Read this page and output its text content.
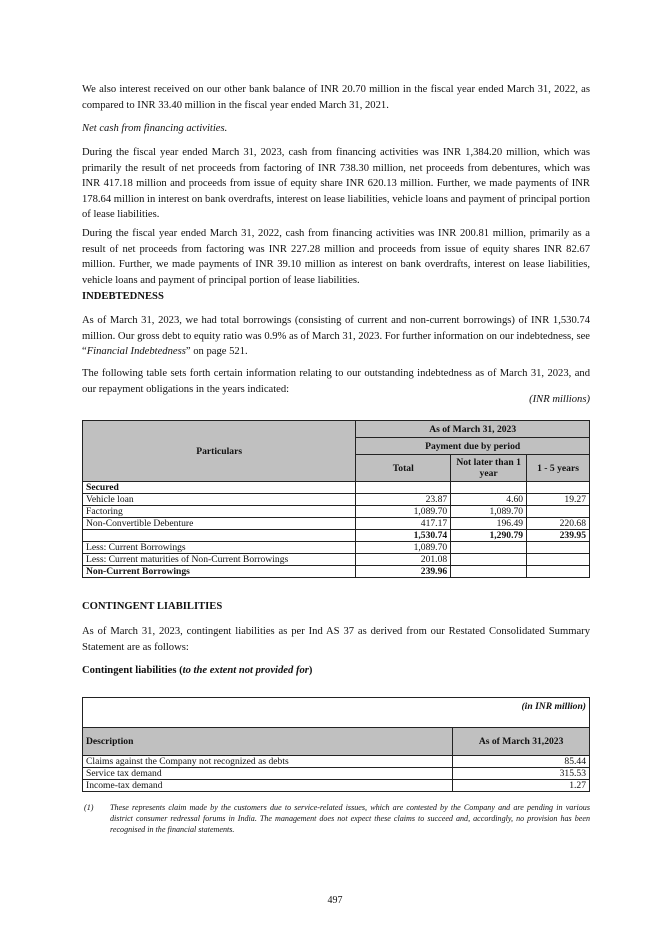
We also interest received on our other bank balance of INR 20.70 million in the fiscal year ended March 31, 2022, as compared to INR 33.40 million in the fiscal year ended March 31, 2021.

Net cash from financing activities.

During the fiscal year ended March 31, 2023, cash from financing activities was INR 1,384.20 million, which was primarily the result of net proceeds from factoring of INR 738.30 million, net proceeds from debentures, which was INR 417.18 million and proceeds from issue of equity share INR 620.13 million. Further, we made payments of INR 178.64 million in interest on bank overdrafts, interest on lease liabilities, vehicle loans and payment of principal portion of lease liabilities.

During the fiscal year ended March 31, 2022, cash from financing activities was INR 200.81 million, primarily as a result of net proceeds from factoring was INR 227.28 million and proceeds from issue of equity shares INR 82.67 million. Further, we made payments of INR 39.10 million as interest on bank overdrafts, interest on lease liabilities, vehicle loans and payment of principal portion of lease liabilities.

INDEBTEDNESS

As of March 31, 2023, we had total borrowings (consisting of current and non-current borrowings) of INR 1,530.74 million. Our gross debt to equity ratio was 0.9% as of March 31, 2023. For further information on our indebtedness, see “Financial Indebtedness” on page 521.

The following table sets forth certain information relating to our outstanding indebtedness as of March 31, 2023, and our repayment obligations in the years indicated:

(INR millions)
Particulars	As of March 31, 2023		
	Payment due by period		
	Total	Not later than 1 year	1 - 5 years
Secured			
Vehicle loan	23.87	4.60	19.27
Factoring	1,089.70	1,089.70	
Non-Convertible Debenture	417.17	196.49	220.68
	1,530.74	1,290.79	239.95
Less: Current Borrowings	1,089.70		
Less: Current maturities of Non-Current Borrowings	201.08		
Non-Current Borrowings	239.96		

CONTINGENT LIABILITIES

As of March 31, 2023, contingent liabilities as per Ind AS 37 as derived from our Restated Consolidated Summary Statement are as follows:

Contingent liabilities (to the extent not provided for)

(in INR million)	
Description	As of March 31,2023
Claims against the Company not recognized as debts	85.44
Service tax demand	315.53
Income-tax demand	1.27
(1)	These represents claim made by the customers due to service-related issues, which are contested by the Company and are pending in various district consumer redressal forums in India. The management does not expect these claims to succeed and, accordingly, no provision has been recognised in the financial statements.
497
